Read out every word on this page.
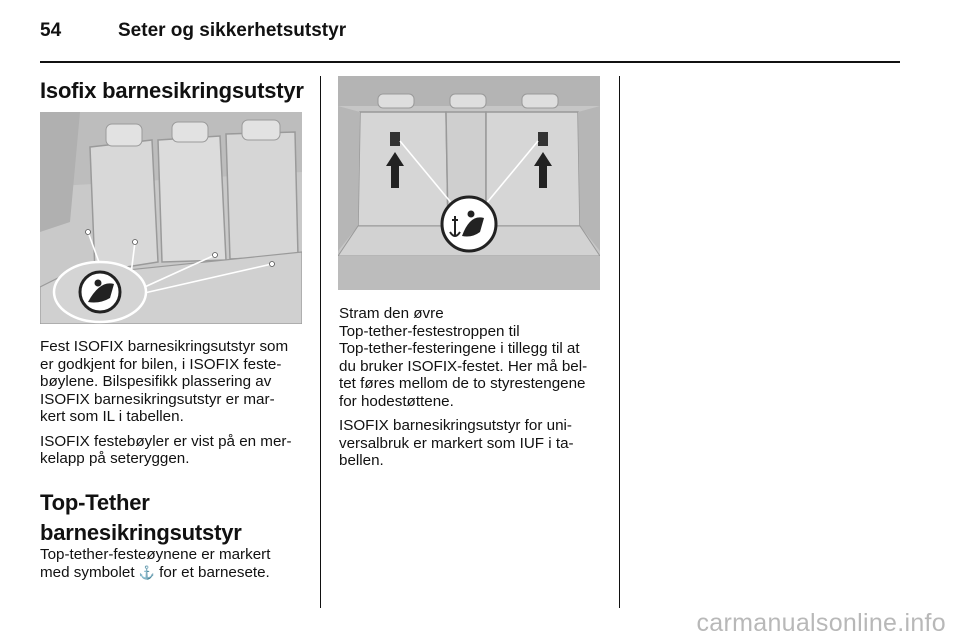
54	Seter og sikkerhetsutstyr
Isofix barnesikringsutstyr

Fest ISOFIX barnesikringsutstyr som
er godkjent for bilen, i ISOFIX feste-
bøylene. Bilspesifikk plassering av
ISOFIX barnesikringsutstyr er mar-
kert som IL i tabellen.

ISOFIX festebøyler er vist på en mer-
kelapp på seteryggen.

Top-Tether
barnesikringsutstyr

Top-tether-festeøynene er markert
med symbolet ⚓ for et barnesete.

Stram den øvre
Top-tether-festestroppen til
Top-tether-festeringene i tillegg til at
du bruker ISOFIX-festet. Her må bel-
tet føres mellom de to styrestengene
for hodestøttene.

ISOFIX barnesikringsutstyr for uni-
versalbruk er markert som IUF i ta-
bellen.

carmanualsonline.info
